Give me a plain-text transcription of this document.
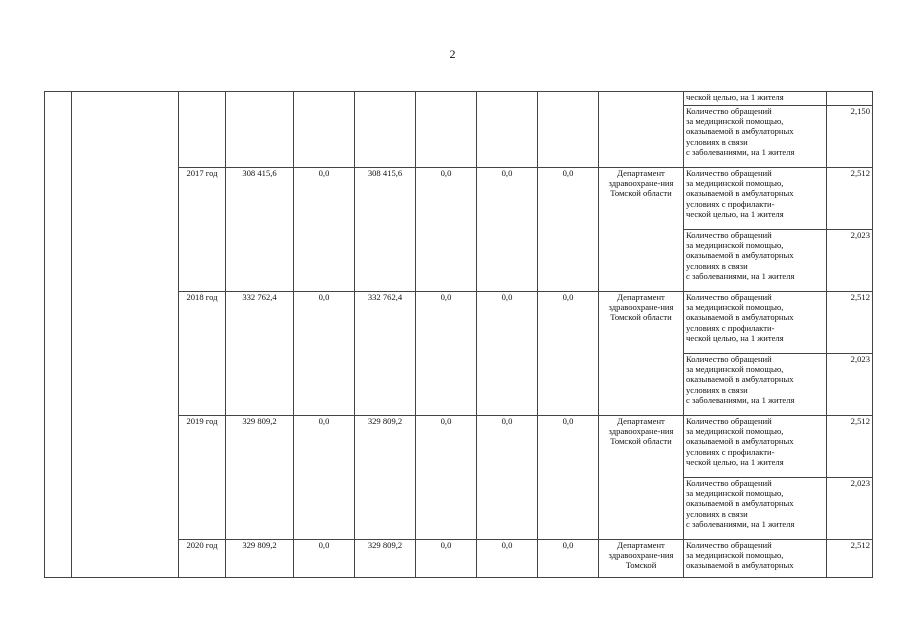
2
										ческой целью, на 1 жителя	
										Количество обращений
за медицинской помощью,
оказываемой в амбулаторных
условиях в связи
с заболеваниями, на 1 жителя	2,150
		2017 год	308 415,6	0,0	308 415,6	0,0	0,0	0,0	Департамент здравоохране-ния Томской области	Количество обращений
за медицинской помощью,
оказываемой в амбулаторных
условиях с профилакти-
ческой целью, на 1 жителя	2,512
										Количество обращений
за медицинской помощью,
оказываемой в амбулаторных
условиях в связи
с заболеваниями, на 1 жителя	2,023
		2018 год	332 762,4	0,0	332 762,4	0,0	0,0	0,0	Департамент здравоохране-ния Томской области	Количество обращений
за медицинской помощью,
оказываемой в амбулаторных
условиях с профилакти-
ческой целью, на 1 жителя	2,512
										Количество обращений
за медицинской помощью,
оказываемой в амбулаторных
условиях в связи
с заболеваниями, на 1 жителя	2,023
		2019 год	329 809,2	0,0	329 809,2	0,0	0,0	0,0	Департамент здравоохране-ния Томской области	Количество обращений
за медицинской помощью,
оказываемой в амбулаторных
условиях с профилакти-
ческой целью, на 1 жителя	2,512
										Количество обращений
за медицинской помощью,
оказываемой в амбулаторных
условиях в связи
с заболеваниями, на 1 жителя	2,023
		2020 год	329 809,2	0,0	329 809,2	0,0	0,0	0,0	Департамент здравоохране-ния Томской	Количество обращений
за медицинской помощью,
оказываемой в амбулаторных	2,512
